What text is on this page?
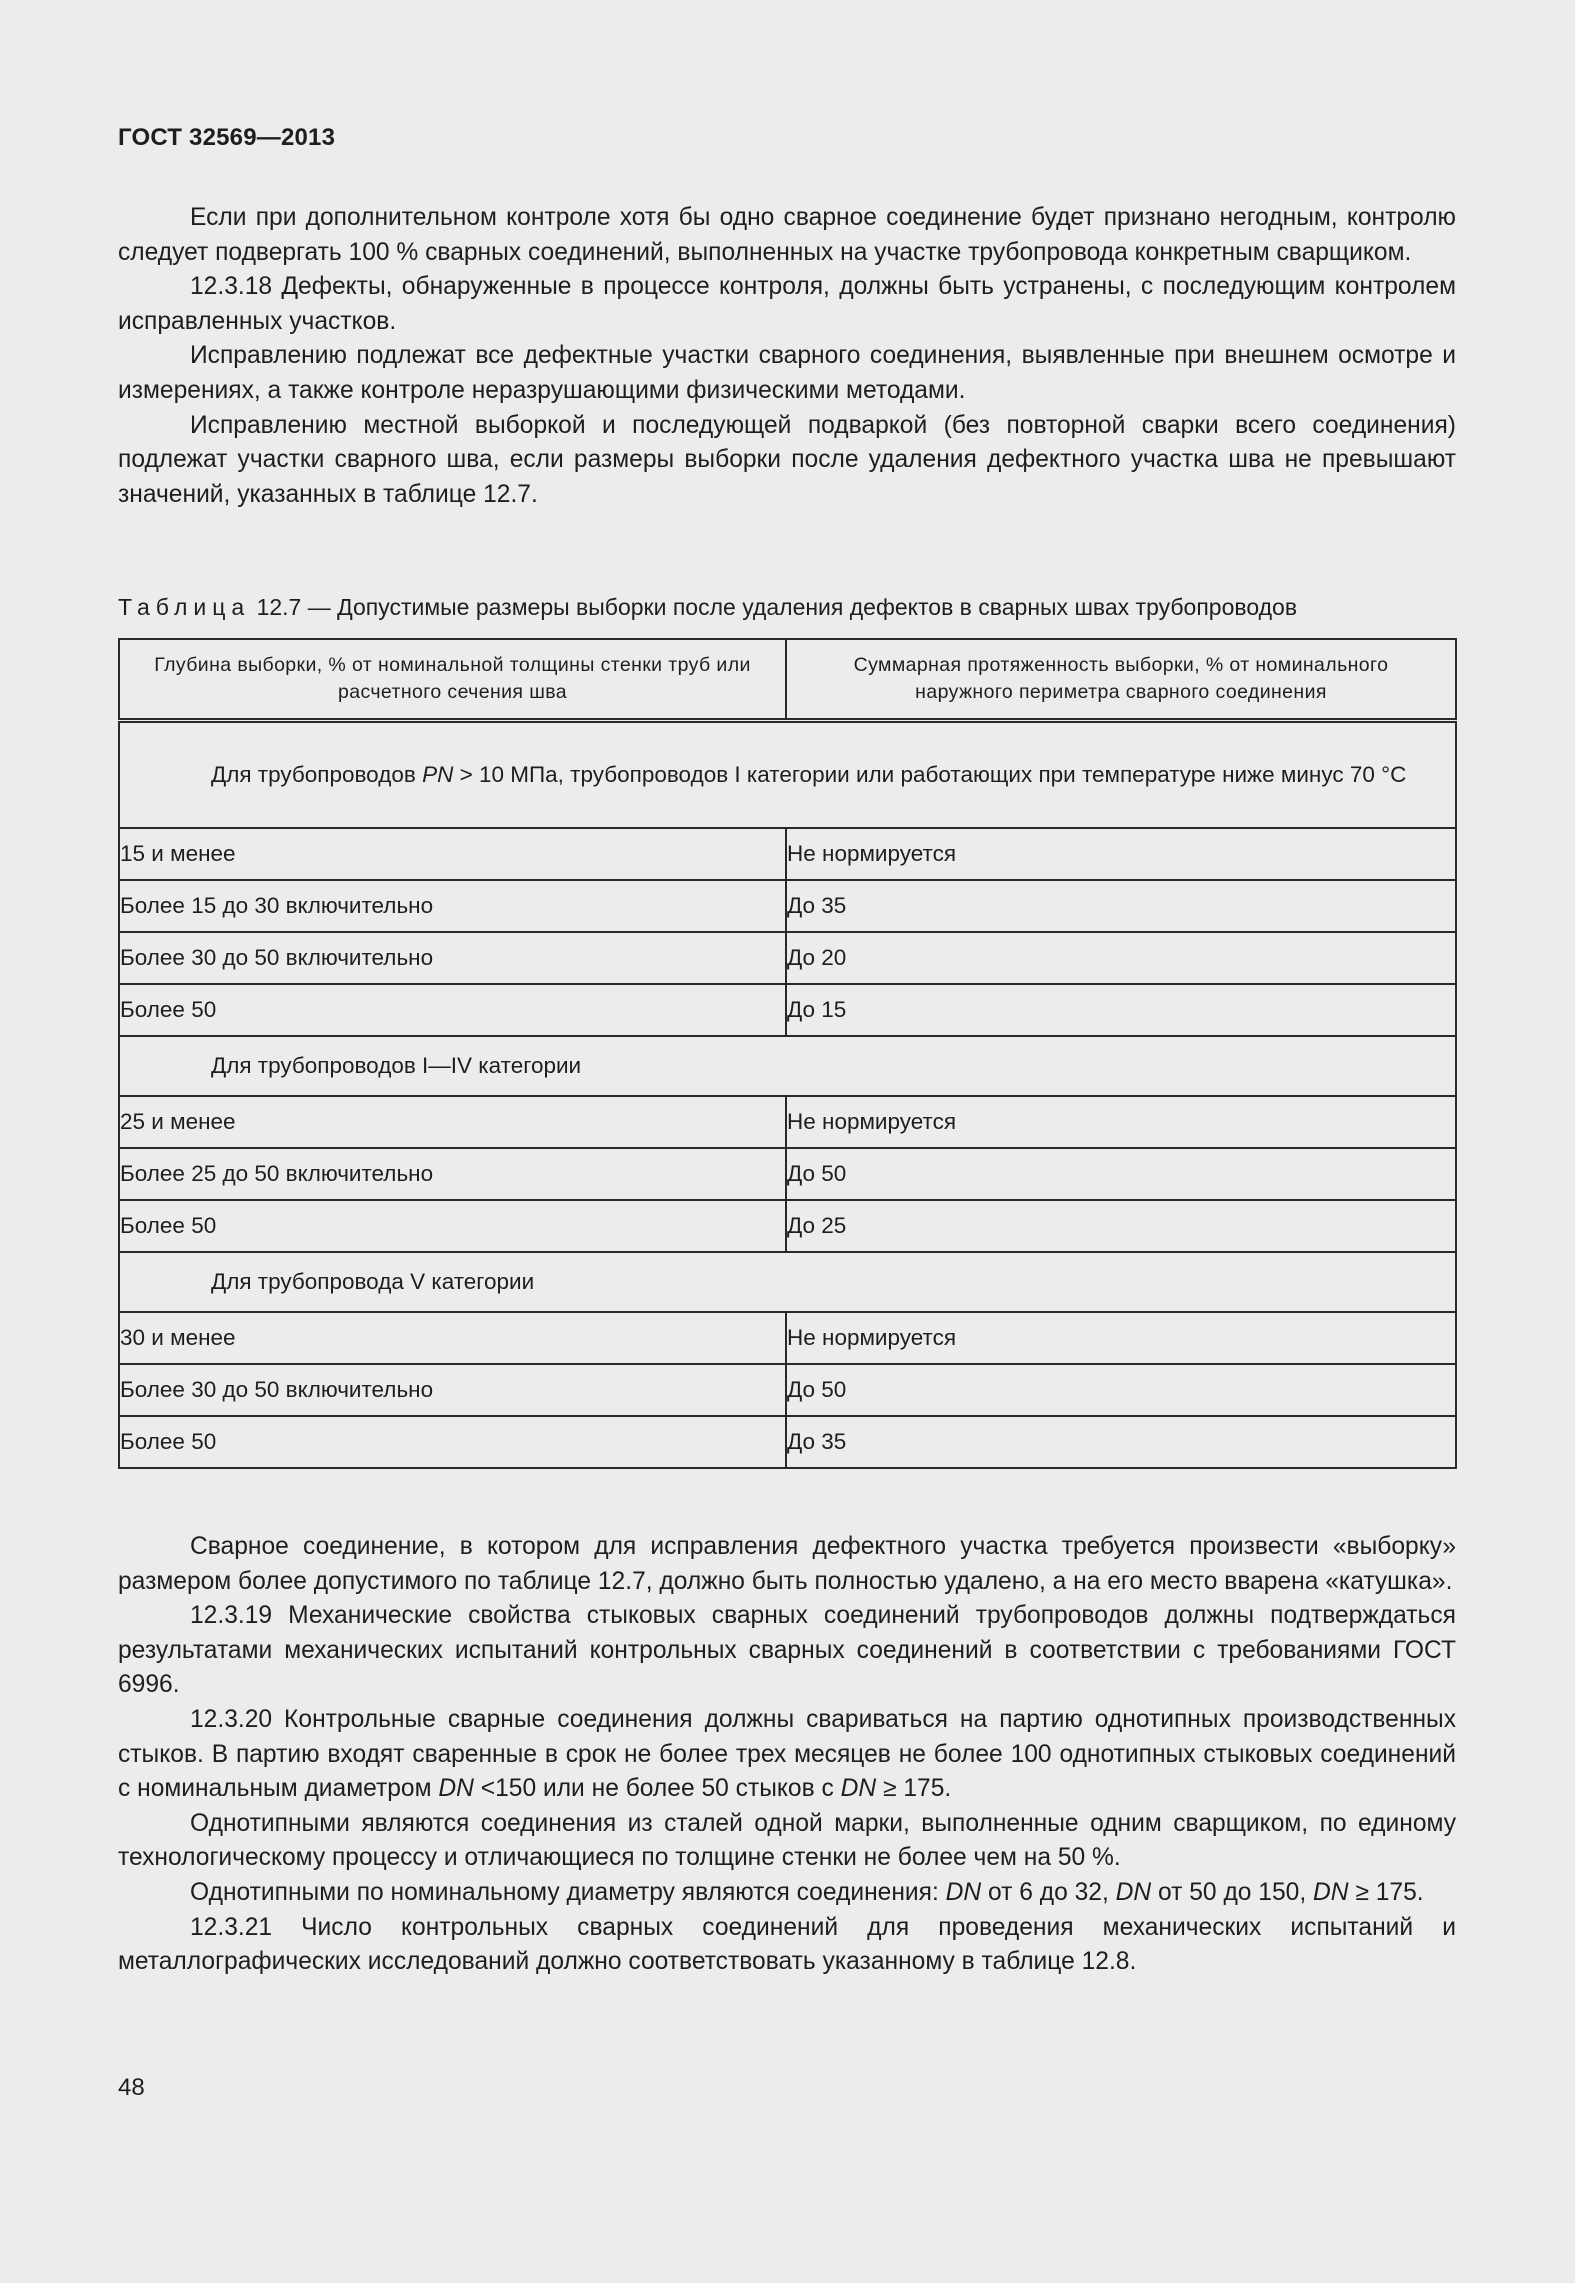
ГОСТ 32569—2013

Если при дополнительном контроле хотя бы одно сварное соединение будет признано негодным, контролю следует подвергать 100 % сварных соединений, выполненных на участке трубопровода конкретным сварщиком.

12.3.18 Дефекты, обнаруженные в процессе контроля, должны быть устранены, с последующим контролем исправленных участков.

Исправлению подлежат все дефектные участки сварного соединения, выявленные при внешнем осмотре и измерениях, а также контроле неразрушающими физическими методами.

Исправлению местной выборкой и последующей подваркой (без повторной сварки всего соединения) подлежат участки сварного шва, если размеры выборки после удаления дефектного участка шва не превышают значений, указанных в таблице 12.7.

Таблица 12.7 — Допустимые размеры выборки после удаления дефектов в сварных швах трубопроводов
Глубина выборки, % от номинальной толщины стенки труб или расчетного сечения шва	Суммарная протяженность выборки, % от номинального наружного периметра сварного соединения

Для трубопроводов PN > 10 МПа, трубопроводов I категории или работающих при температуре ниже минус 70 °С	

15 и менее	Не нормируется
Более 15 до 30 включительно	До 35
Более 30 до 50 включительно	До 20
Более 50	До 15
Для трубопроводов I—IV категории	
25 и менее	Не нормируется
Более 25 до 50 включительно	До 50
Более 50	До 25
Для трубопровода V категории	
30 и менее	Не нормируется
Более 30 до 50 включительно	До 50
Более 50	До 35

Сварное соединение, в котором для исправления дефектного участка требуется произвести «выборку» размером более допустимого по таблице 12.7, должно быть полностью удалено, а на его место вварена «катушка».

12.3.19 Механические свойства стыковых сварных соединений трубопроводов должны подтверждаться результатами механических испытаний контрольных сварных соединений в соответствии с требованиями ГОСТ 6996.

12.3.20 Контрольные сварные соединения должны свариваться на партию однотипных производственных стыков. В партию входят сваренные в срок не более трех месяцев не более 100 однотипных стыковых соединений с номинальным диаметром DN <150 или не более 50 стыков с DN ≥ 175.

Однотипными являются соединения из сталей одной марки, выполненные одним сварщиком, по единому технологическому процессу и отличающиеся по толщине стенки не более чем на 50 %.

Однотипными по номинальному диаметру являются соединения: DN от 6 до 32, DN от 50 до 150, DN ≥ 175.

12.3.21 Число контрольных сварных соединений для проведения механических испытаний и металлографических исследований должно соответствовать указанному в таблице 12.8.

48
